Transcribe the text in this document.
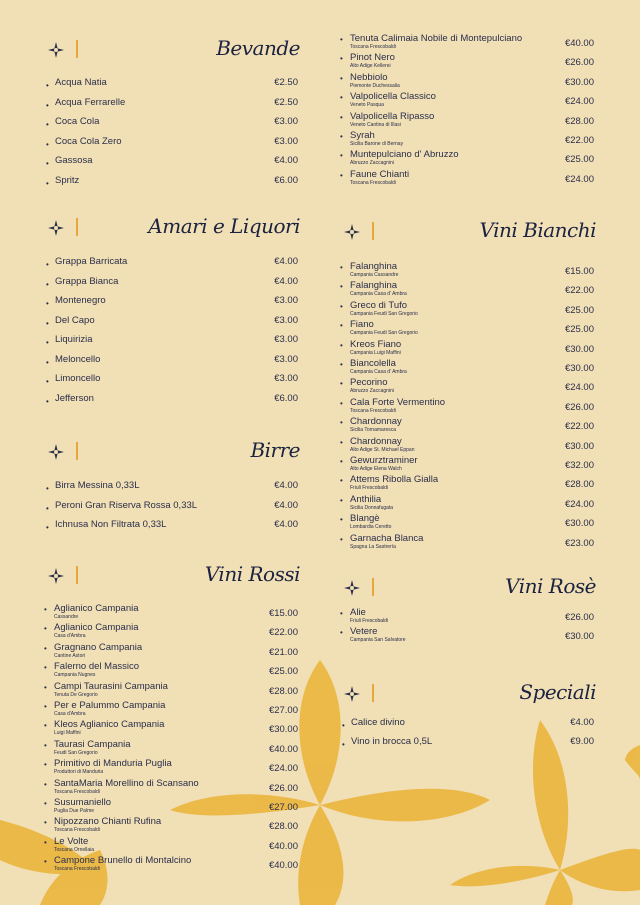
Bevande
• Acqua Natia	€2.50
• Acqua Ferrarelle	€2.50
• Coca Cola	€3.00
• Coca Cola Zero	€3.00
• Gassosa	€4.00
• Spritz	€6.00
Amari e Liquori
• Grappa Barricata	€4.00
• Grappa Bianca	€4.00
• Montenegro	€3.00
• Del Capo	€3.00
• Liquirizia	€3.00
• Meloncello	€3.00
• Limoncello	€3.00
• Jefferson	€6.00
Birre
• Birra Messina 0,33L	€4.00
• Peroni Gran Riserva Rossa 0,33L	€4.00
• Ichnusa Non Filtrata 0,33L	€4.00
Vini Rossi
• Aglianico Campania
Cassandre	€15.00
• Aglianico Campania
Casa d'Ambra	€22.00
• Gragnano Campania
Cantine Astori	€21.00
• Falerno del Massico
Campania Nugnes	€25.00
• Campi Taurasini Campania
Tenuta De Gregorio	€28.00
• Per e Palummo Campania
Casa d'Ambra	€27.00
• Kleos Aglianico Campania
Luigi Maffini	€30.00
• Taurasi Campania
Feudi San Gregorio	€40.00
• Primitivo di Manduria Puglia
Produttori di Manduria	€24.00
• SantaMaria Morellino di Scansano
Toscana Frescobaldi	€26.00
• Susumaniello
Puglia Due Palme	€27.00
• Nipozzano Chianti Rufina
Toscana Frescobaldi	€28.00
• Le Volte
Toscana Ornellaia	€40.00
• Campone Brunello di Montalcino
Toscana Frescobaldi	€40.00
• Tenuta Calimaia Nobile di Montepulciano
Toscana Frescobaldi	€40.00
• Pinot Nero
Alto Adige Kellerei	€26.00
• Nebbiolo
Piemonte Duchessalia	€30.00
• Valpolicella Classico
Veneto Pasqua	€24.00
• Valpolicella Ripasso
Veneto Cantina di Illasi	€28.00
• Syrah
Sicilia Barone di Bernay	€22.00
• Muntepulciano d' Abruzzo
Abruzzo Zaccagnini	€25.00
• Faune Chianti
Toscana Frescobaldi	€24.00
Vini Bianchi
• Falanghina
Campania Cassandre	€15.00
• Falanghina
Campania Casa d' Ambra	€22.00
• Greco di Tufo
Campania Feudi San Gregorio	€25.00
• Fiano
Campania Feudi San Gregorio	€25.00
• Kreos Fiano
Campania Luigi Maffini	€30.00
• Biancolella
Campania Casa d' Ambra	€30.00
• Pecorino
Abruzzo Zaccagnini	€24.00
• Cala Forte Vermentino
Toscana Frescobaldi	€26.00
• Chardonnay
Sicilia Tornamaresca	€22.00
• Chardonnay
Alto Adige St. Michael Eppan	€30.00
• Gewurztraminer
Alto Adige Elena Walch	€32.00
• Attems Ribolla Gialla
Friuli Frescobaldi	€28.00
• Anthilia
Sicilia Donnafugata	€24.00
• Blangè
Lombardia Ceretto	€30.00
• Garnacha Blanca
Spagna La Sastrería	€23.00
Vini Rosè
• Alie
Friuli Frescobaldi	€26.00
• Vetere
Campania San Salvatore	€30.00
Speciali
• Calice divino	€4.00
• Vino in brocca 0,5L	€9.00
